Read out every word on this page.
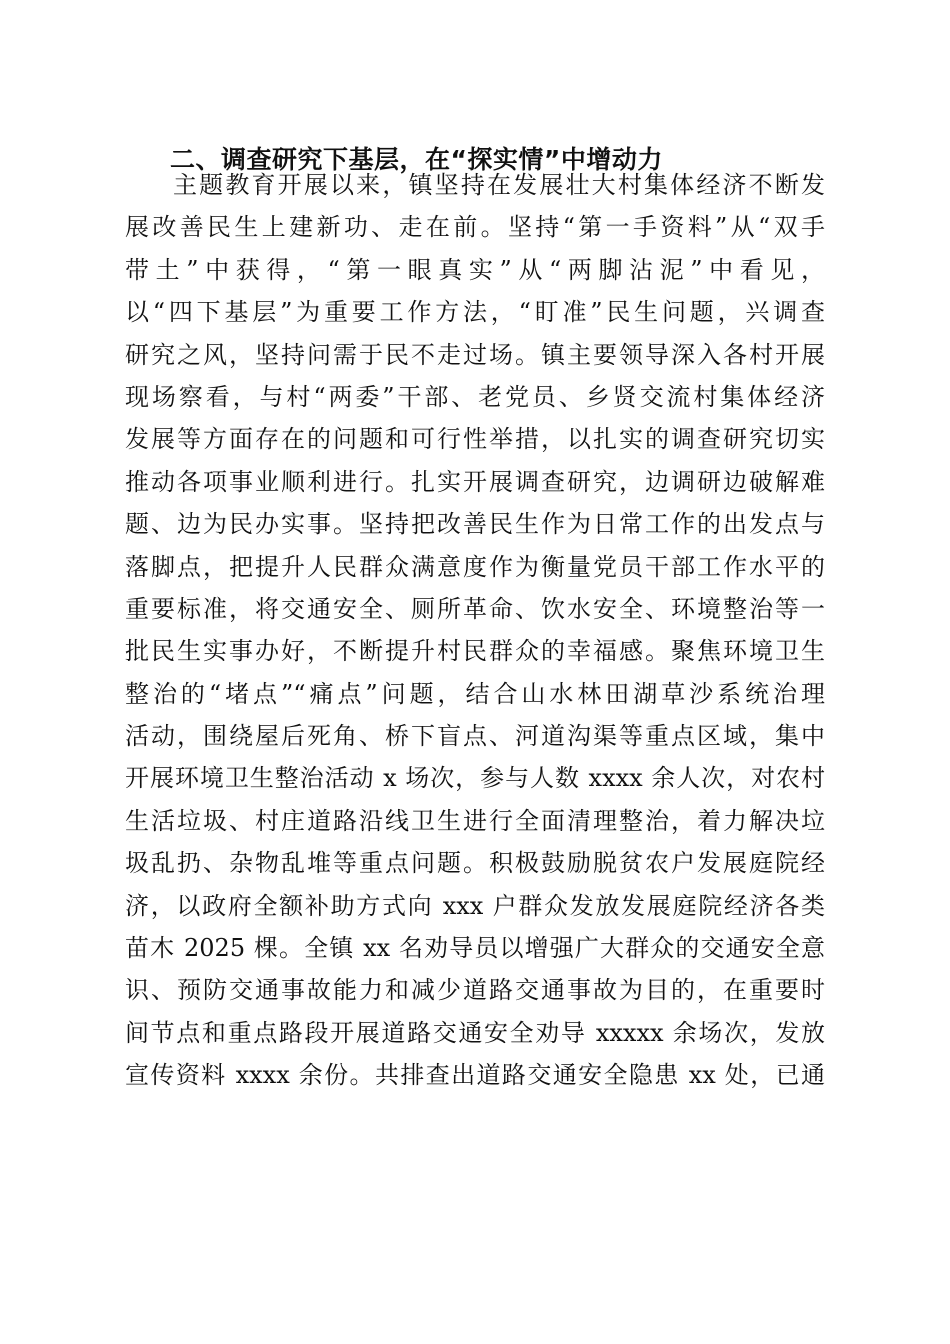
二、调查研究下基层，在“探实情”中增动力
主题教育开展以来，镇坚持在发展壮大村集体经济不断发
展改善民生上建新功、走在前。坚持“第一手资料”从“双手
带土”中获得，“第一眼真实”从“两脚沾泥”中看见，
以“四下基层”为重要工作方法，“盯准”民生问题，兴调查
研究之风，坚持问需于民不走过场。镇主要领导深入各村开展
现场察看，与村“两委”干部、老党员、乡贤交流村集体经济
发展等方面存在的问题和可行性举措，以扎实的调查研究切实
推动各项事业顺利进行。扎实开展调查研究，边调研边破解难
题、边为民办实事。坚持把改善民生作为日常工作的出发点与
落脚点，把提升人民群众满意度作为衡量党员干部工作水平的
重要标准，将交通安全、厕所革命、饮水安全、环境整治等一
批民生实事办好，不断提升村民群众的幸福感。聚焦环境卫生
整治的“堵点”“痛点”问题，结合山水林田湖草沙系统治理
活动，围绕屋后死角、桥下盲点、河道沟渠等重点区域，集中
开展环境卫生整治活动 x 场次，参与人数 xxxx 余人次，对农村
生活垃圾、村庄道路沿线卫生进行全面清理整治，着力解决垃
圾乱扔、杂物乱堆等重点问题。积极鼓励脱贫农户发展庭院经
济，以政府全额补助方式向 xxx 户群众发放发展庭院经济各类
苗木 2025 棵。全镇 xx 名劝导员以增强广大群众的交通安全意
识、预防交通事故能力和减少道路交通事故为目的，在重要时
间节点和重点路段开展道路交通安全劝导 xxxxx 余场次，发放
宣传资料 xxxx 余份。共排查出道路交通安全隐患 xx 处，已通
